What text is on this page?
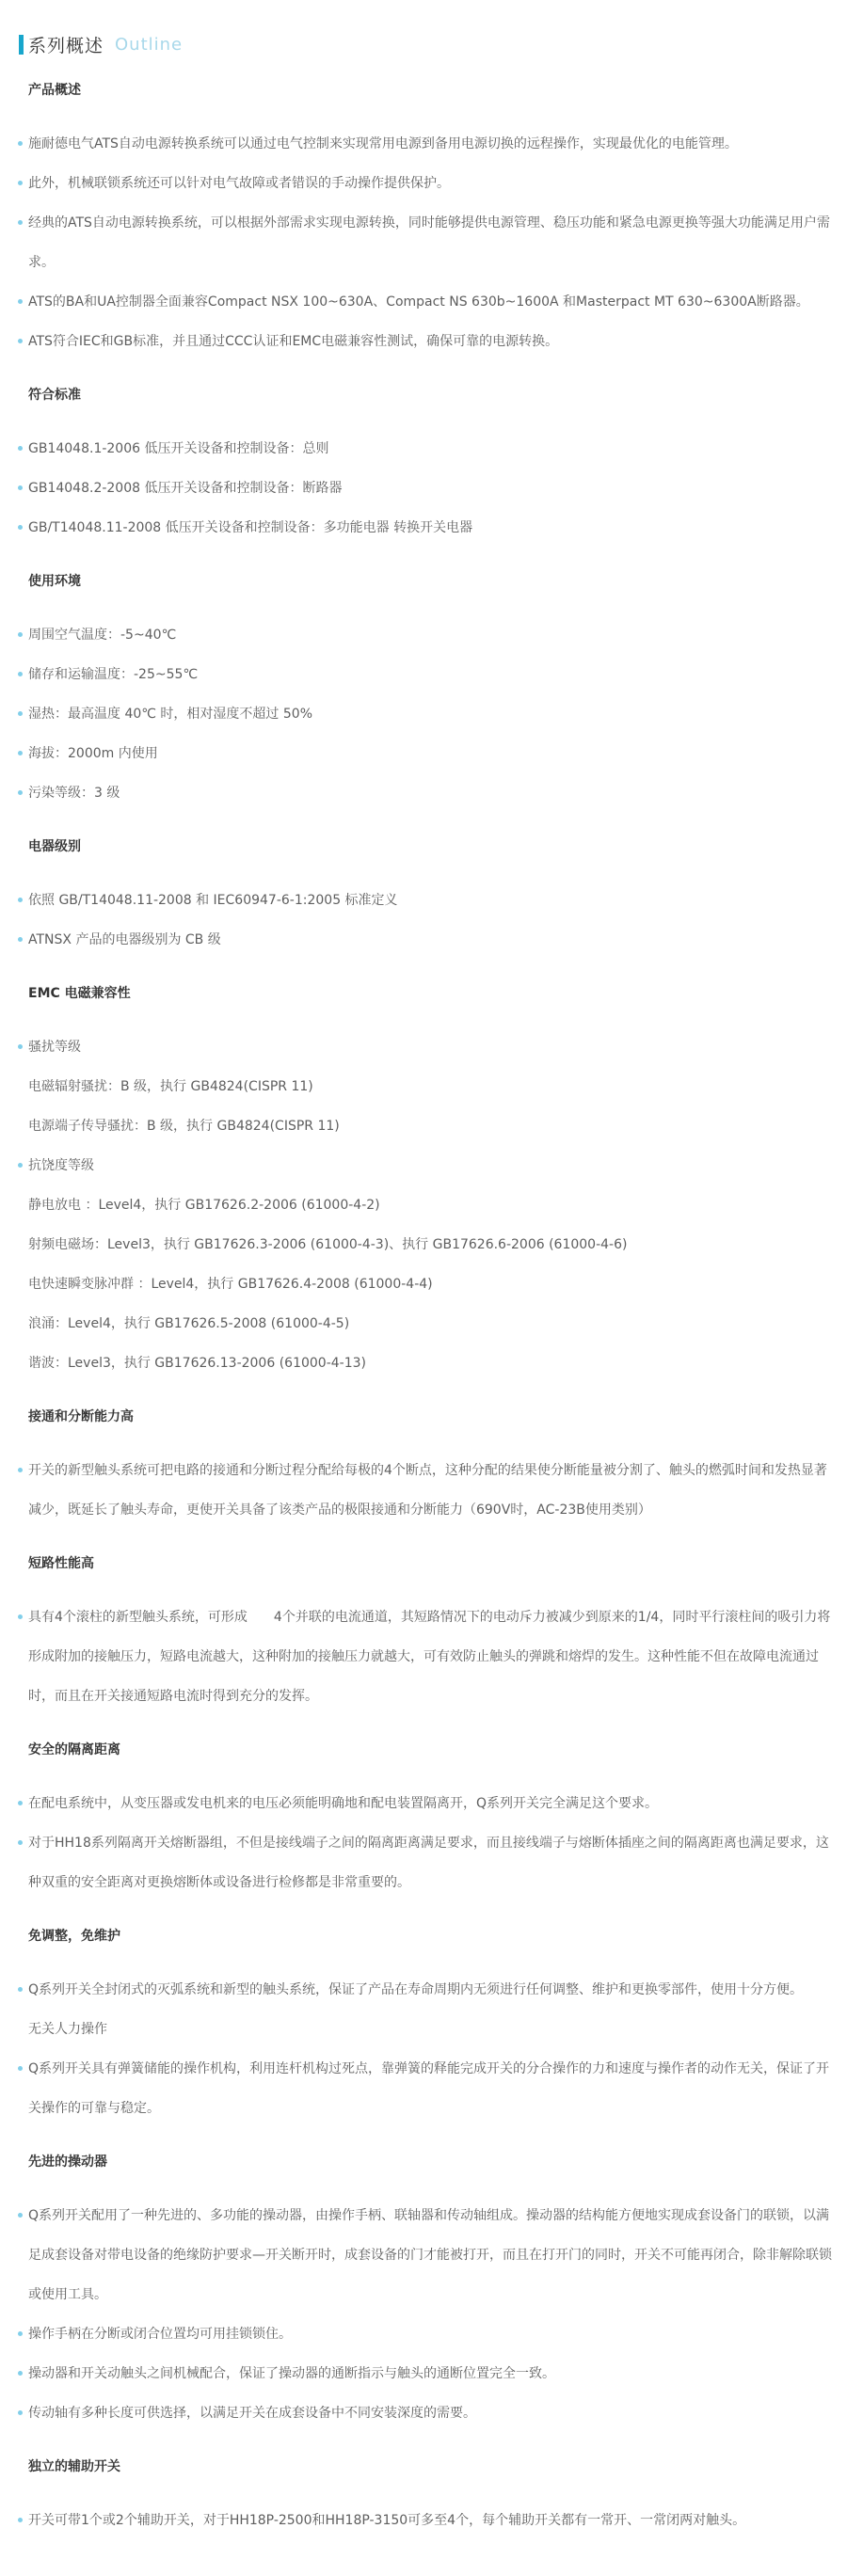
系列概述 Outline
产品概述

施耐德电气ATS自动电源转换系统可以通过电气控制来实现常用电源到备用电源切换的远程操作，实现最优化的电能管理。

此外，机械联锁系统还可以针对电气故障或者错误的手动操作提供保护。

经典的ATS自动电源转换系统，可以根据外部需求实现电源转换，同时能够提供电源管理、稳压功能和紧急电源更换等强大功能满足用户需求。

ATS的BA和UA控制器全面兼容Compact NSX 100~630A、Compact NS 630b~1600A 和Masterpact MT 630~6300A断路器。

ATS符合IEC和GB标准，并且通过CCC认证和EMC电磁兼容性测试，确保可靠的电源转换。

符合标准

GB14048.1-2006 低压开关设备和控制设备：总则

GB14048.2-2008 低压开关设备和控制设备：断路器

GB/T14048.11-2008 低压开关设备和控制设备：多功能电器 转换开关电器

使用环境

周围空气温度：-5~40℃

储存和运输温度：-25~55℃

湿热：最高温度 40℃ 时，相对湿度不超过 50%

海拔：2000m 内使用

污染等级：3 级

电器级别

依照 GB/T14048.11-2008 和 IEC60947-6-1:2005 标准定义

ATNSX 产品的电器级别为 CB 级

EMC 电磁兼容性

骚扰等级

电磁辐射骚扰：B 级，执行 GB4824(CISPR 11)

电源端子传导骚扰：B 级，执行 GB4824(CISPR 11)

抗饶度等级

静电放电 ：Level4，执行 GB17626.2-2006 (61000-4-2)

射频电磁场：Level3，执行 GB17626.3-2006 (61000-4-3)、执行 GB17626.6-2006 (61000-4-6)

电快速瞬变脉冲群 ：Level4，执行 GB17626.4-2008 (61000-4-4)

浪涌：Level4，执行 GB17626.5-2008 (61000-4-5)

谐波：Level3，执行 GB17626.13-2006 (61000-4-13)

接通和分断能力高

开关的新型触头系统可把电路的接通和分断过程分配给每极的4个断点，这种分配的结果使分断能量被分割了、触头的燃弧时间和发热显著减少，既延长了触头寿命，更使开关具备了该类产品的极限接通和分断能力（690V时，AC-23B使用类别）

短路性能高

具有4个滚柱的新型触头系统，可形成　　4个并联的电流通道，其短路情况下的电动斥力被减少到原来的1/4，同时平行滚柱间的吸引力将形成附加的接触压力，短路电流越大，这种附加的接触压力就越大，可有效防止触头的弹跳和熔焊的发生。这种性能不但在故障电流通过时，而且在开关接通短路电流时得到充分的发挥。

安全的隔离距离

在配电系统中，从变压器或发电机来的电压必须能明确地和配电装置隔离开，Q系列开关完全满足这个要求。

对于HH18系列隔离开关熔断器组，不但是接线端子之间的隔离距离满足要求，而且接线端子与熔断体插座之间的隔离距离也满足要求，这种双重的安全距离对更换熔断体或设备进行检修都是非常重要的。

免调整，免维护

Q系列开关全封闭式的灭弧系统和新型的触头系统，保证了产品在寿命周期内无须进行任何调整、维护和更换零部件，使用十分方便。

无关人力操作

Q系列开关具有弹簧储能的操作机构，利用连杆机构过死点，靠弹簧的释能完成开关的分合操作的力和速度与操作者的动作无关，保证了开关操作的可靠与稳定。

先进的操动器

Q系列开关配用了一种先进的、多功能的操动器，由操作手柄、联轴器和传动轴组成。操动器的结构能方便地实现成套设备门的联锁，以满足成套设备对带电设备的绝缘防护要求—开关断开时，成套设备的门才能被打开，而且在打开门的同时，开关不可能再闭合，除非解除联锁或使用工具。

操作手柄在分断或闭合位置均可用挂锁锁住。

操动器和开关动触头之间机械配合，保证了操动器的通断指示与触头的通断位置完全一致。

传动轴有多种长度可供选择，以满足开关在成套设备中不同安装深度的需要。

独立的辅助开关

开关可带1个或2个辅助开关，对于HH18P-2500和HH18P-3150可多至4个，每个辅助开关都有一常开、一常闭两对触头。
